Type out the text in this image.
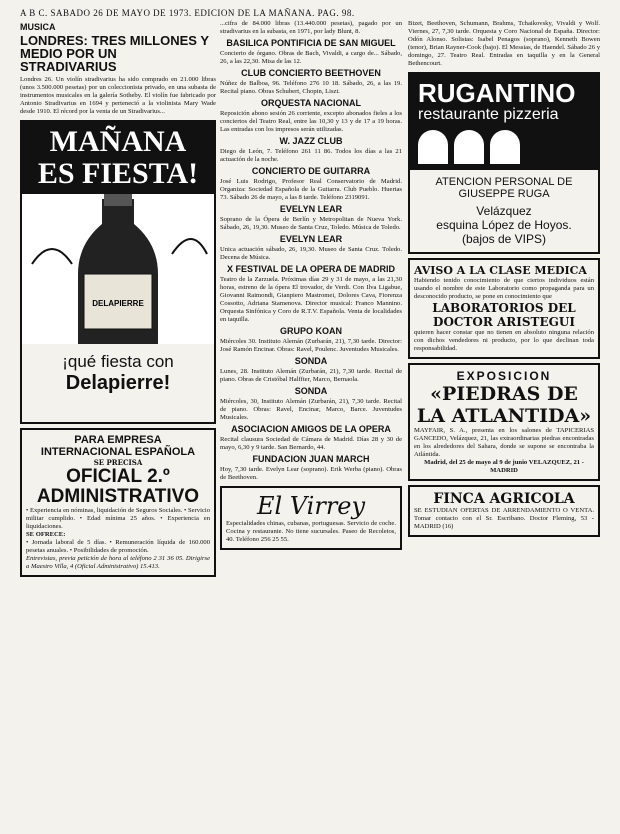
A B C. SABADO 26 DE MAYO DE 1973. EDICION DE LA MAÑANA. PAG. 98.
MUSICA
LONDRES: TRES MILLONES Y MEDIO POR UN STRADIVARIUS
Londres 26. Un violín stradivarius ha sido comprado en 21.000 libras (unos 3.500.000 pesetas) por un coleccionista privado, en una subasta de instrumentos musicales en la galería Sotheby. El violín fue fabricado por Antonio Stradivarius en 1694 y perteneció a la violinista Mary Wade desde 1910. El récord por la venta de un Stradivarius...
MAÑANA
ES FIESTA!
DELAPIERRE
¡qué fiesta con
Delapierre!
PARA EMPRESA
INTERNACIONAL ESPAÑOLA
SE PRECISA
OFICIAL 2.º
ADMINISTRATIVO
• Experiencia en nóminas, liquidación de Seguros Sociales. • Servicio militar cumplido. • Edad mínima 25 años. • Experiencia en liquidaciones.
SE OFRECE:
• Jornada laboral de 5 días. • Remuneración líquida de 160.000 pesetas anuales. • Posibilidades de promoción.
Entrevistas, previa petición de hora al teléfono 2 31 36 05. Dirigirse a Maestro Villa, 4 (Oficial Administrativo) 15.413.
...cifra de 84.000 libras (13.440.000 pesetas), pagado por un stradivarius en la subasta, en 1971, por lady Blunt, 8.
BASILICA PONTIFICIA DE SAN MIGUEL
Concierto de órgano. Obras de Bach, Vivaldi, a cargo de... Sábado, 26, a las 22,30. Misa de las 12.
CLUB CONCIERTO BEETHOVEN
Núñez de Balboa, 96. Teléfono 276 10 18. Sábado, 26, a las 19. Recital piano. Obras Schubert, Chopin, Liszt.
ORQUESTA NACIONAL
Reposición abono sesión 26 corriente, excepto abonados fieles a los conciertos del Teatro Real, entre las 10,30 y 13 y de 17 a 19 horas. Las entradas con los impresos serán utilizadas.
W. JAZZ CLUB
Diego de León, 7. Teléfono 261 11 86. Todos los días a las 21 actuación de la noche.
CONCIERTO DE GUITARRA
José Luis Rodrigo, Profesor Real Conservatorio de Madrid. Organiza: Sociedad Española de la Guitarra. Club Pueblo. Huertas 73. Sábado 26 de mayo, a las 8 tarde. Teléfono 2319091.
EVELYN LEAR
Soprano de la Ópera de Berlín y Metropolitan de Nueva York. Sábado, 26, 19,30. Museo de Santa Cruz, Toledo. Música de Toledo.
EVELYN LEAR
Unica actuación sábado, 26, 19,30. Museo de Santa Cruz. Toledo. Decena de Música.
X FESTIVAL DE LA OPERA DE MADRID
Teatro de la Zarzuela. Próximas días 29 y 31 de mayo, a las 21,30 horas, estreno de la ópera El trovador, de Verdi. Con Ilva Ligabue, Giovanni Raimondi, Gianpiero Mastromei, Dolores Cava, Fiorenza Cossotto, Adriana Stamenova. Director musical: Franco Mannino. Orquesta Sinfónica y Coro de R.T.V. Española. Venta de localidades en taquilla.
GRUPO KOAN
Miércoles 30. Instituto Alemán (Zurbarán, 21), 7,30 tarde. Director: José Ramón Encinar. Obras: Ravel, Poulenc. Juventudes Musicales.
SONDA
Lunes, 28. Instituto Alemán (Zurbarán, 21), 7,30 tarde. Recital de piano. Obras de Cristóbal Halffter, Marco, Bernaola.
SONDA
Miércoles, 30, Instituto Alemán (Zurbarán, 21), 7,30 tarde. Recital de piano. Obras: Ravel, Encinar, Marco, Barce. Juventudes Musicales.
ASOCIACION AMIGOS DE LA OPERA
Recital clausura Sociedad de Cámara de Madrid. Días 28 y 30 de mayo, 6,30 y 9 tarde. San Bernardo, 44.
FUNDACION JUAN MARCH
Hoy, 7,30 tarde. Evelyn Lear (soprano). Erik Werba (piano). Obras de Beethoven.
El Virrey
Especialidades chinas, cubanas, portuguesas. Servicio de coche. Cocina y restaurante. No tiene sucursales. Paseo de Recoletos, 40. Teléfono 256 25 55.
Bizet, Beethoven, Schumann, Brahms, Tchaikovsky, Vivaldi y Wolf. Viernes, 27, 7,30 tarde. Orquesta y Coro Nacional de España. Director: Odón Alonso. Solistas: Isabel Penagos (soprano), Kenneth Bowen (tenor), Brian Rayner-Cook (bajo). El Messias, de Haendel. Sábado 26 y domingo, 27. Teatro Real. Entradas en taquilla y en la General Bethencourt.
RUGANTINO
restaurante pizzeria
ATENCION PERSONAL DE
GIUSEPPE RUGA
Velázquez
esquina López de Hoyos.
(bajos de VIPS)
AVISO A LA CLASE MEDICA
Habiendo tenido conocimiento de que ciertos individuos están usando el nombre de este Laboratorio como propaganda para un desconocido producto, se pone en conocimiento que
LABORATORIOS DEL DOCTOR ARISTEGUI
quieren hacer constar que no tienen en absoluto ninguna relación con dichos vendedores ni producto, por lo que declinan toda responsabilidad.
EXPOSICION
«PIEDRAS DE
LA ATLANTIDA»
MAYFAIR, S. A., presenta en los salones de TAPICERIAS GANCEDO, Velázquez, 21, las extraordinarias piedras encontradas en los alrededores del Sahara, donde se supone se encontraba la Atlántida.
Madrid, del 25 de mayo al 9 de junio VELAZQUEZ, 21 - MADRID
FINCA AGRICOLA
SE ESTUDIAN OFERTAS DE ARRENDAMIENTO O VENTA. Tomar contacto con el Sr. Escribano. Doctor Fleming, 53 - MADRID (16)
